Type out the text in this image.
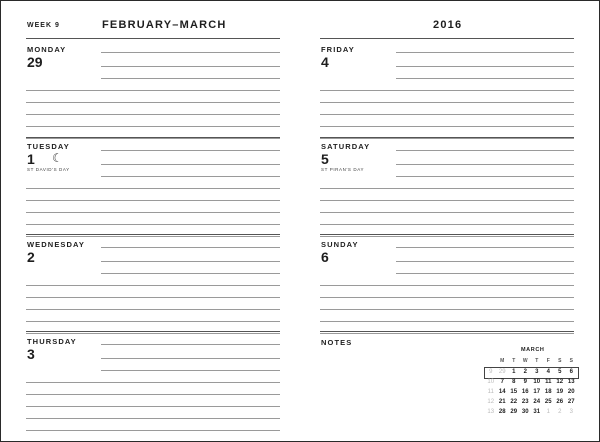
WEEK 9	FEBRUARY–MARCH	2016
MONDAY
29
TUESDAY
1 ☾
ST DAVID'S DAY
WEDNESDAY
2
THURSDAY
3
FRIDAY
4
SATURDAY
5
ST PIRAN'S DAY
SUNDAY
6
NOTES
MARCH
M	T	W	T	F	S	S
9	29	1	2	3	4	5	6
10	7	8	9	10 11 12 13
11 14 15 16 17 18 19 20
12 21 22 23 24 25 26 27
13 28 29 30 31	1	2	3
